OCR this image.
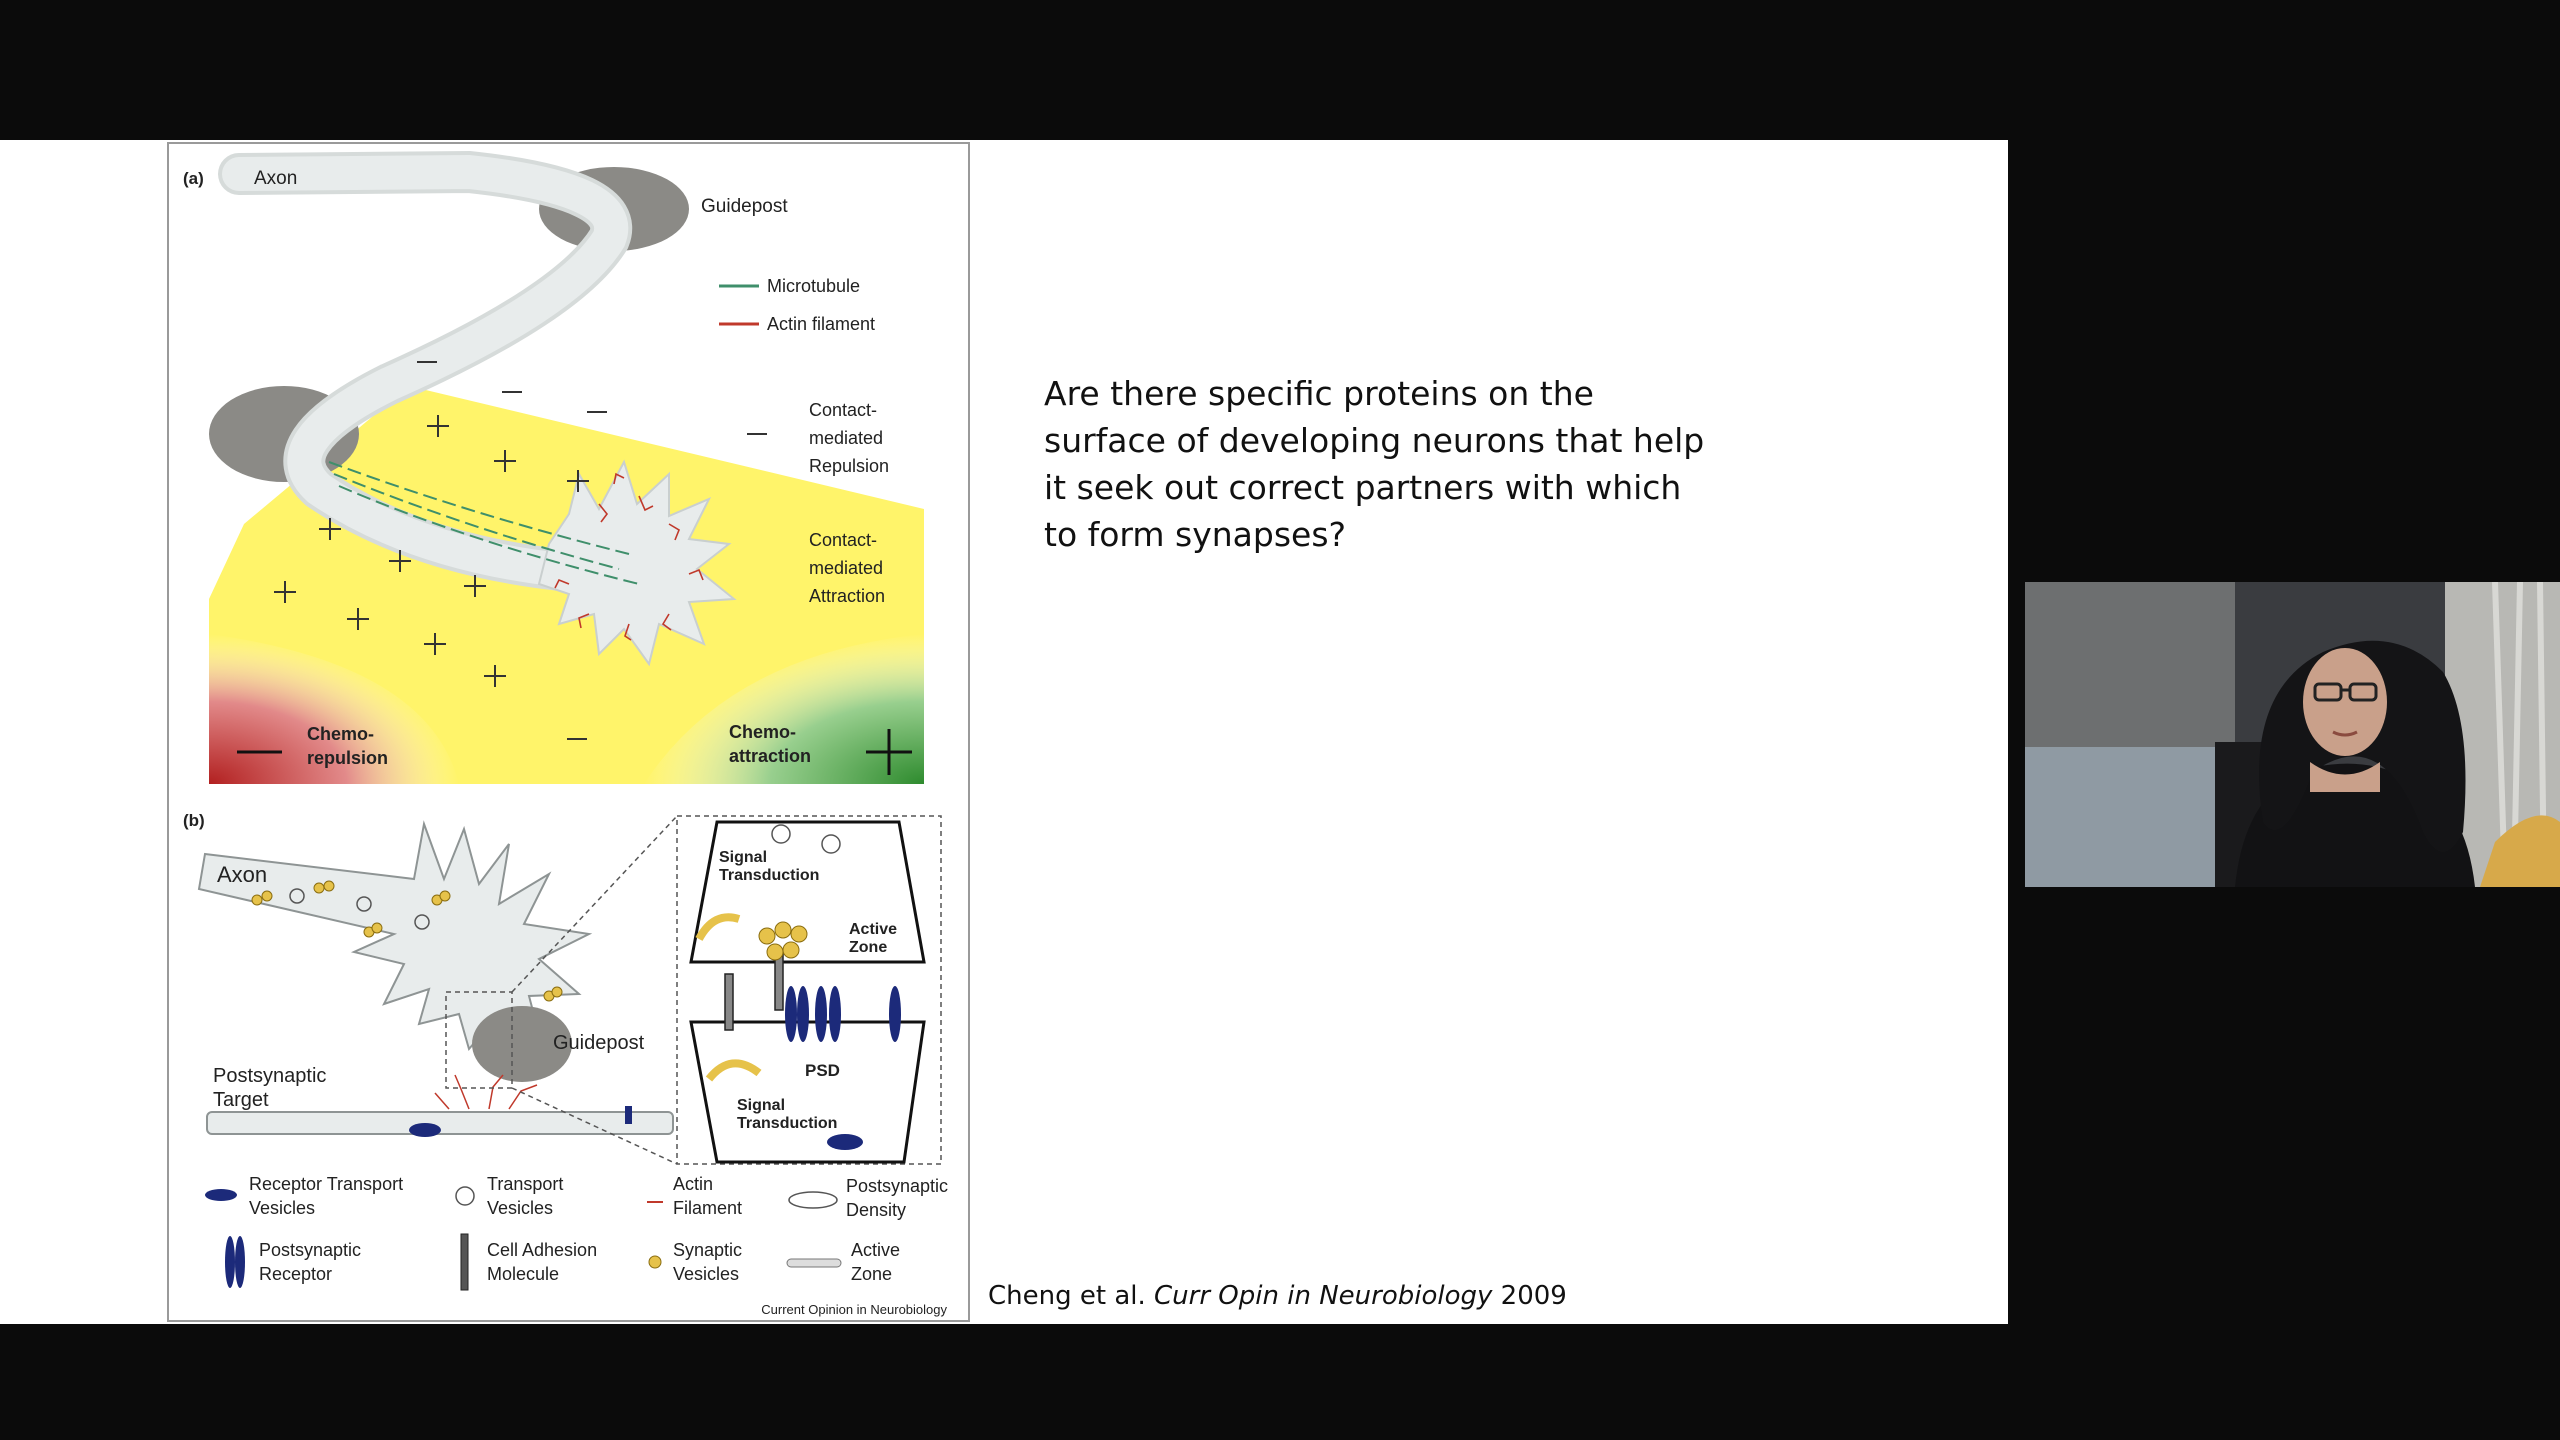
(a)	Axon
Guidepost
Microtubule
Actin filament
Contact- mediated Repulsion
Contact- mediated Attraction
Chemo- repulsion
Chemo- attraction
(b)
Axon
Guidepost
Postsynaptic Target
Signal Transduction
Active Zone
PSD
Signal Transduction
Receptor Transport Vesicles
Transport Vesicles
Actin Filament
Postsynaptic Density
Postsynaptic Receptor
Cell Adhesion Molecule
Synaptic Vesicles
Active Zone
Current Opinion in Neurobiology

Are there specific proteins on the surface of developing neurons that help it seek out correct partners with which to form synapses?

Cheng et al. Curr Opin in Neurobiology 2009
